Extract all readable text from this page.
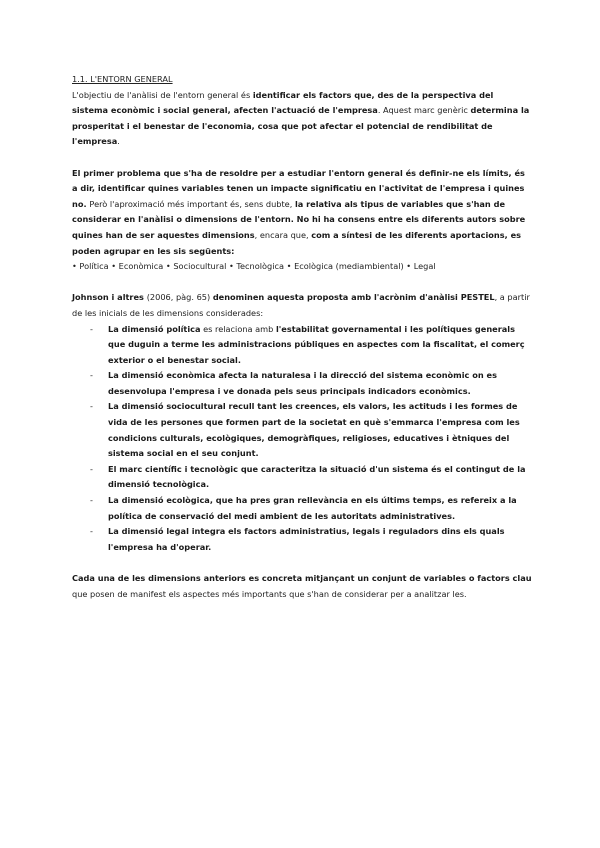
1.1. L'ENTORN GENERAL

L'objectiu de l'anàlisi de l'entorn general és identificar els factors que, des de la perspectiva del sistema econòmic i social general, afecten l'actuació de l'empresa. Aquest marc genèric determina la prosperitat i el benestar de l'economia, cosa que pot afectar el potencial de rendibilitat de l'empresa.

El primer problema que s'ha de resoldre per a estudiar l'entorn general és definir-ne els límits, és a dir, identificar quines variables tenen un impacte significatiu en l'activitat de l'empresa i quines no. Però l'aproximació més important és, sens dubte, la relativa als tipus de variables que s'han de considerar en l'anàlisi o dimensions de l'entorn. No hi ha consens entre els diferents autors sobre quines han de ser aquestes dimensions, encara que, com a síntesi de les diferents aportacions, es poden agrupar en les sis següents:

• Política • Econòmica • Sociocultural • Tecnològica • Ecològica (mediambiental) • Legal

Johnson i altres (2006, pàg. 65) denominen aquesta proposta amb l'acrònim d'anàlisi PESTEL, a partir de les inicials de les dimensions considerades:

- La dimensió política es relaciona amb l'estabilitat governamental i les polítiques generals que duguin a terme les administracions públiques en aspectes com la fiscalitat, el comerç exterior o el benestar social.
- La dimensió econòmica afecta la naturalesa i la direcció del sistema econòmic on es desenvolupa l'empresa i ve donada pels seus principals indicadors econòmics.
- La dimensió sociocultural recull tant les creences, els valors, les actituds i les formes de vida de les persones que formen part de la societat en què s'emmarca l'empresa com les condicions culturals, ecològiques, demogràfiques, religioses, educatives i ètniques del sistema social en el seu conjunt.
- El marc científic i tecnològic que caracteritza la situació d'un sistema és el contingut de la dimensió tecnològica.
- La dimensió ecològica, que ha pres gran rellevància en els últims temps, es refereix a la política de conservació del medi ambient de les autoritats administratives.
- La dimensió legal integra els factors administratius, legals i reguladors dins els quals l'empresa ha d'operar.

Cada una de les dimensions anteriors es concreta mitjançant un conjunt de variables o factors clau que posen de manifest els aspectes més importants que s'han de considerar per a analitzar les.
